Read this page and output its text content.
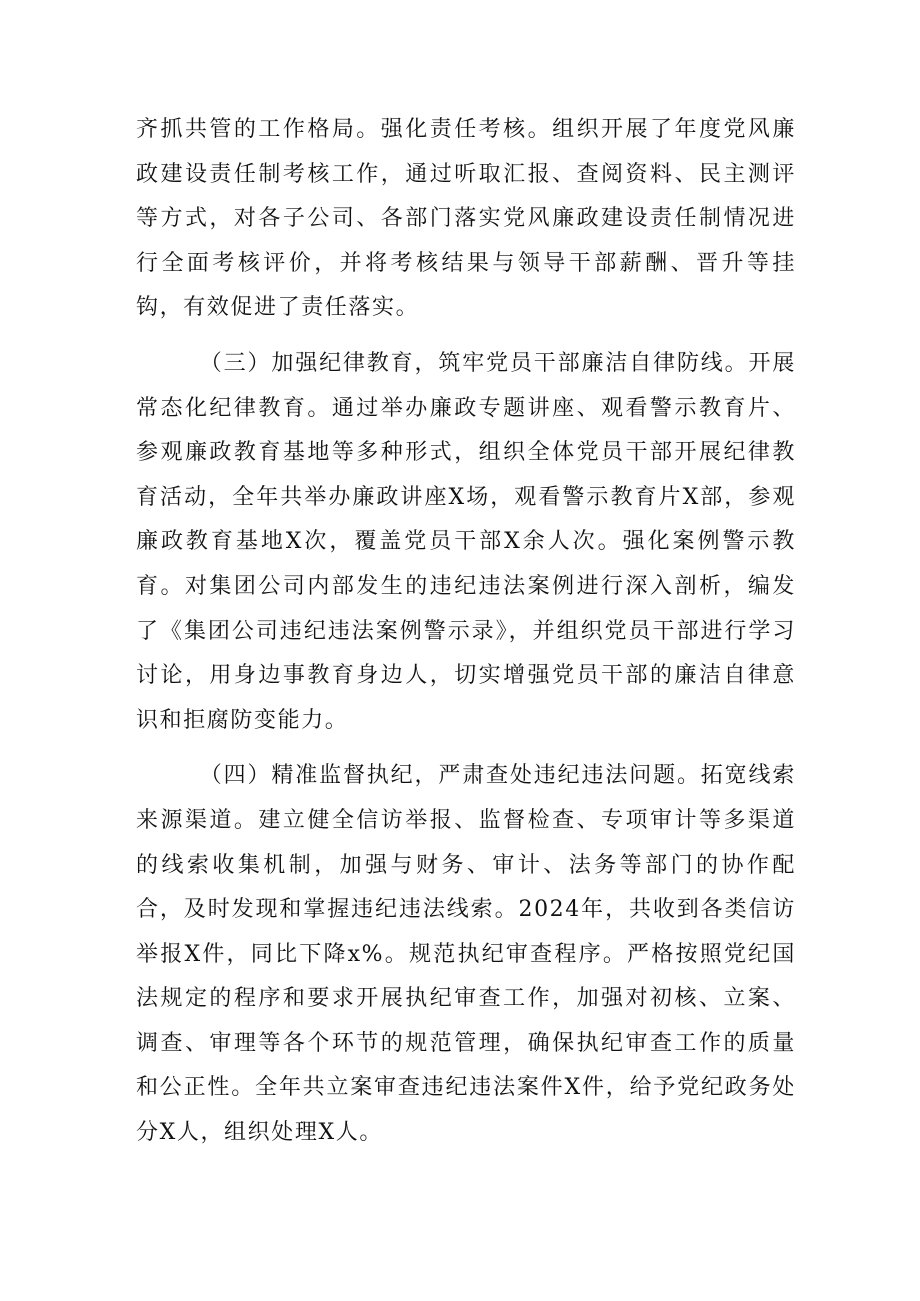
齐抓共管的工作格局。强化责任考核。组织开展了年度党风廉政建设责任制考核工作，通过听取汇报、查阅资料、民主测评等方式，对各子公司、各部门落实党风廉政建设责任制情况进行全面考核评价，并将考核结果与领导干部薪酬、晋升等挂钩，有效促进了责任落实。

（三）加强纪律教育，筑牢党员干部廉洁自律防线。开展常态化纪律教育。通过举办廉政专题讲座、观看警示教育片、参观廉政教育基地等多种形式，组织全体党员干部开展纪律教育活动，全年共举办廉政讲座X场，观看警示教育片X部，参观廉政教育基地X次，覆盖党员干部X余人次。强化案例警示教育。对集团公司内部发生的违纪违法案例进行深入剖析，编发了《集团公司违纪违法案例警示录》，并组织党员干部进行学习讨论，用身边事教育身边人，切实增强党员干部的廉洁自律意识和拒腐防变能力。

（四）精准监督执纪，严肃查处违纪违法问题。拓宽线索来源渠道。建立健全信访举报、监督检查、专项审计等多渠道的线索收集机制，加强与财务、审计、法务等部门的协作配合，及时发现和掌握违纪违法线索。2024年，共收到各类信访举报X件，同比下降x%。规范执纪审查程序。严格按照党纪国法规定的程序和要求开展执纪审查工作，加强对初核、立案、调查、审理等各个环节的规范管理，确保执纪审查工作的质量和公正性。全年共立案审查违纪违法案件X件，给予党纪政务处分X人，组织处理X人。
